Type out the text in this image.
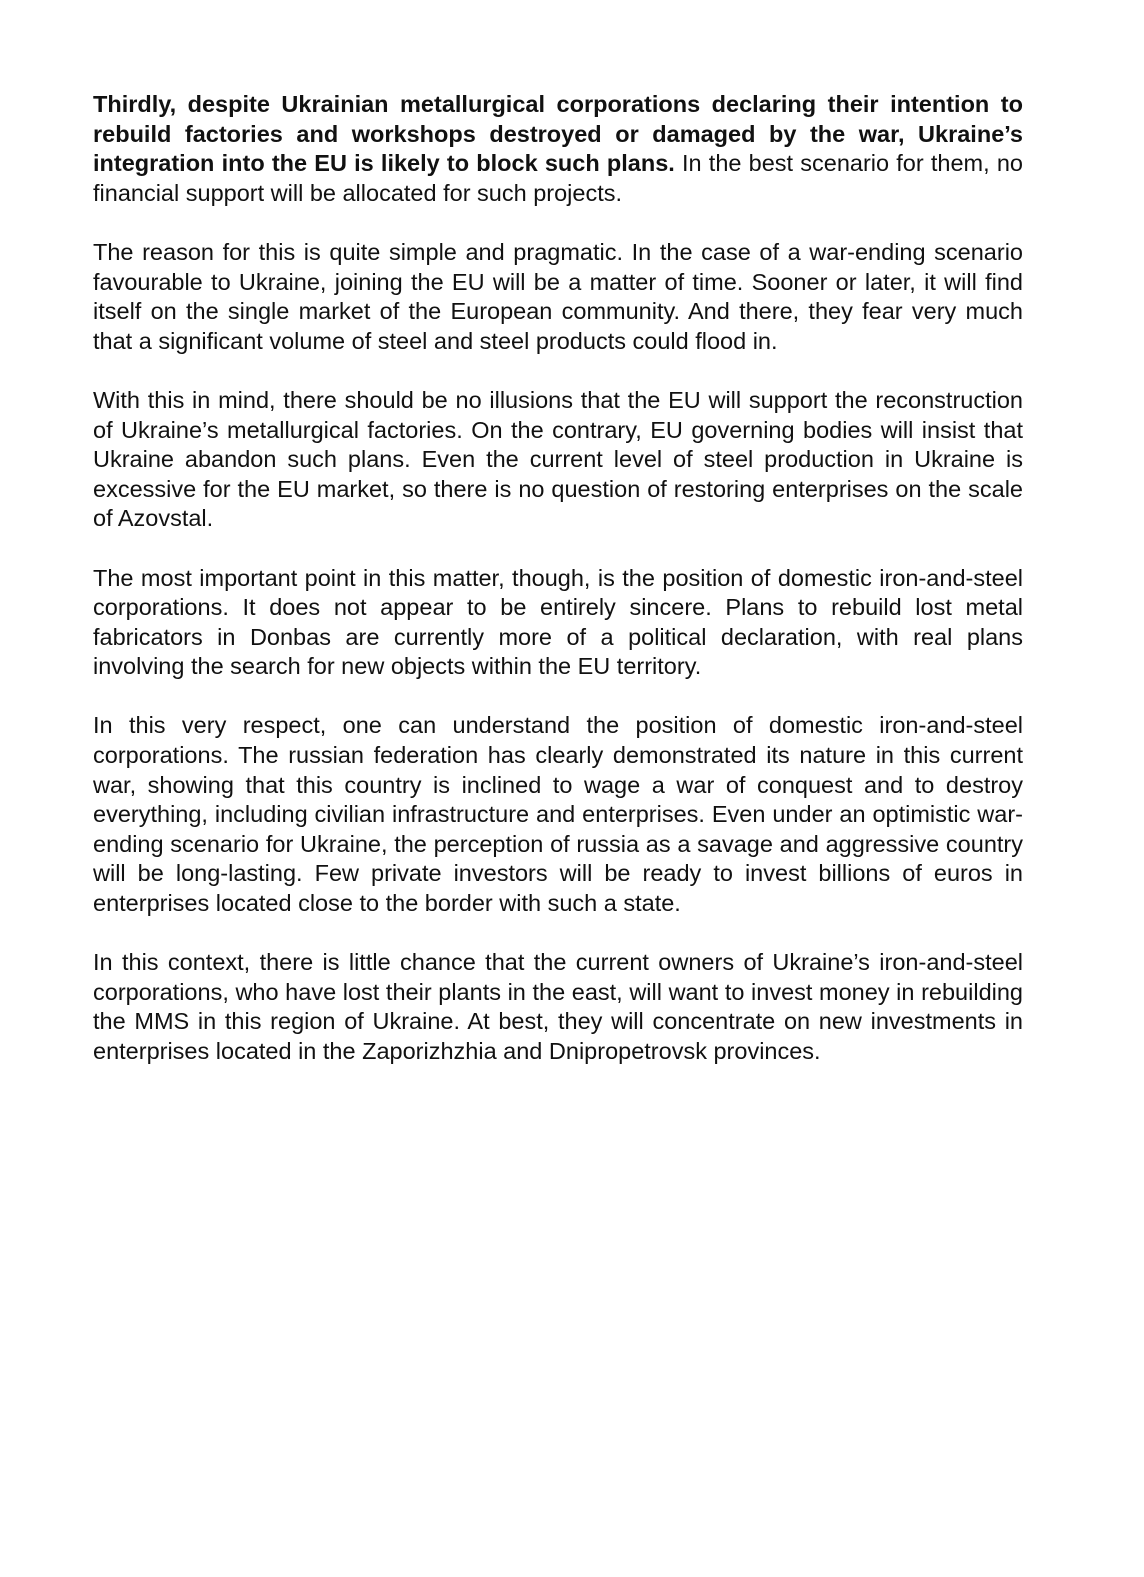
Thirdly, despite Ukrainian metallurgical corporations declaring their intention to rebuild factories and workshops destroyed or damaged by the war, Ukraine’s integration into the EU is likely to block such plans. In the best scenario for them, no financial support will be allocated for such projects.

The reason for this is quite simple and pragmatic. In the case of a war-ending scenario favourable to Ukraine, joining the EU will be a matter of time. Sooner or later, it will find itself on the single market of the European community. And there, they fear very much that a significant volume of steel and steel products could flood in.

With this in mind, there should be no illusions that the EU will support the reconstruction of Ukraine’s metallurgical factories. On the contrary, EU governing bodies will insist that Ukraine abandon such plans. Even the current level of steel production in Ukraine is excessive for the EU market, so there is no question of restoring enterprises on the scale of Azovstal.

The most important point in this matter, though, is the position of domestic iron-and-steel corporations. It does not appear to be entirely sincere. Plans to rebuild lost metal fabricators in Donbas are currently more of a political declaration, with real plans involving the search for new objects within the EU territory.

In this very respect, one can understand the position of domestic iron-and-steel corporations. The russian federation has clearly demonstrated its nature in this current war, showing that this country is inclined to wage a war of conquest and to destroy everything, including civilian infrastructure and enterprises. Even under an optimistic war-ending scenario for Ukraine, the perception of russia as a savage and aggressive country will be long-lasting. Few private investors will be ready to invest billions of euros in enterprises located close to the border with such a state.

In this context, there is little chance that the current owners of Ukraine’s iron-and-steel corporations, who have lost their plants in the east, will want to invest money in rebuilding the MMS in this region of Ukraine. At best, they will concentrate on new investments in enterprises located in the Zaporizhzhia and Dnipropetrovsk provinces.
